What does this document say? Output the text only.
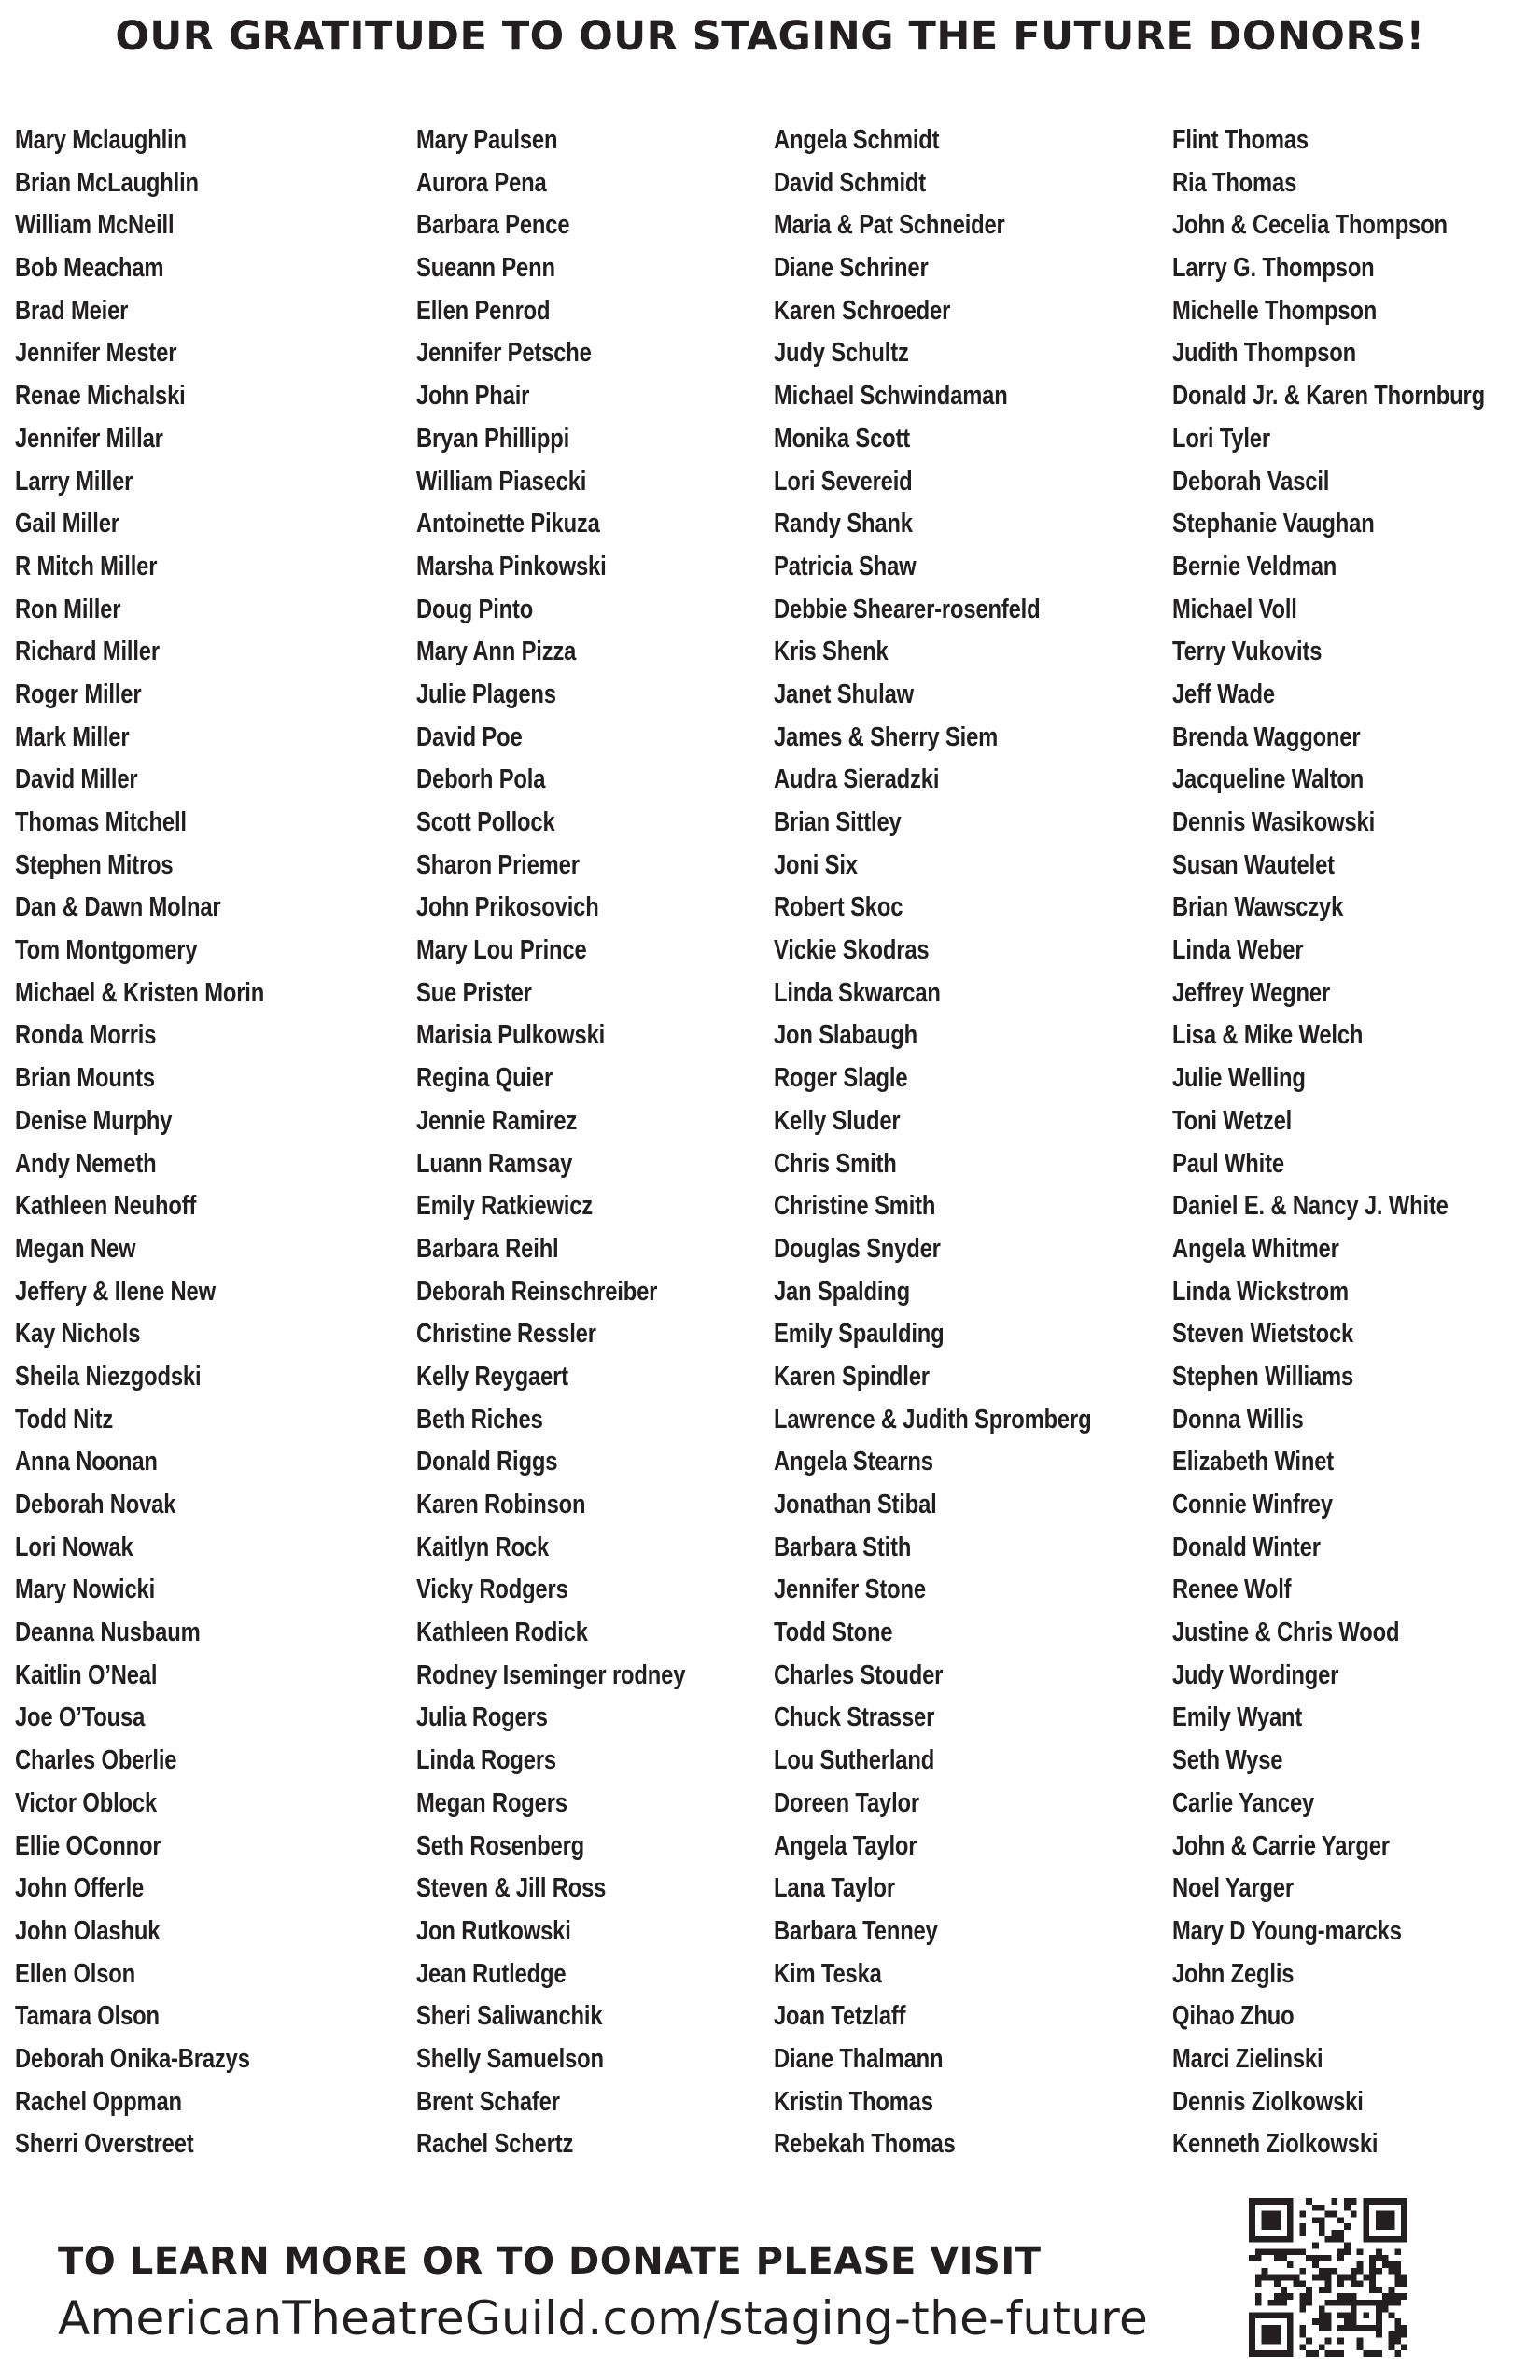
OUR GRATITUDE TO OUR STAGING THE FUTURE DONORS!
Mary Mclaughlin
Brian McLaughlin
William McNeill
Bob Meacham
Brad Meier
Jennifer Mester
Renae Michalski
Jennifer Millar
Larry Miller
Gail Miller
R Mitch Miller
Ron Miller
Richard Miller
Roger Miller
Mark Miller
David Miller
Thomas Mitchell
Stephen Mitros
Dan & Dawn Molnar
Tom Montgomery
Michael & Kristen Morin
Ronda Morris
Brian Mounts
Denise Murphy
Andy Nemeth
Kathleen Neuhoff
Megan New
Jeffery & Ilene New
Kay Nichols
Sheila Niezgodski
Todd Nitz
Anna Noonan
Deborah Novak
Lori Nowak
Mary Nowicki
Deanna Nusbaum
Kaitlin O’Neal
Joe O’Tousa
Charles Oberlie
Victor Oblock
Ellie OConnor
John Offerle
John Olashuk
Ellen Olson
Tamara Olson
Deborah Onika-Brazys
Rachel Oppman
Sherri Overstreet
Mary Paulsen
Aurora Pena
Barbara Pence
Sueann Penn
Ellen Penrod
Jennifer Petsche
John Phair
Bryan Phillippi
William Piasecki
Antoinette Pikuza
Marsha Pinkowski
Doug Pinto
Mary Ann Pizza
Julie Plagens
David Poe
Deborh Pola
Scott Pollock
Sharon Priemer
John Prikosovich
Mary Lou Prince
Sue Prister
Marisia Pulkowski
Regina Quier
Jennie Ramirez
Luann Ramsay
Emily Ratkiewicz
Barbara Reihl
Deborah Reinschreiber
Christine Ressler
Kelly Reygaert
Beth Riches
Donald Riggs
Karen Robinson
Kaitlyn Rock
Vicky Rodgers
Kathleen Rodick
Rodney Iseminger rodney
Julia Rogers
Linda Rogers
Megan Rogers
Seth Rosenberg
Steven & Jill Ross
Jon Rutkowski
Jean Rutledge
Sheri Saliwanchik
Shelly Samuelson
Brent Schafer
Rachel Schertz
Angela Schmidt
David Schmidt
Maria & Pat Schneider
Diane Schriner
Karen Schroeder
Judy Schultz
Michael Schwindaman
Monika Scott
Lori Severeid
Randy Shank
Patricia Shaw
Debbie Shearer-rosenfeld
Kris Shenk
Janet Shulaw
James & Sherry Siem
Audra Sieradzki
Brian Sittley
Joni Six
Robert Skoc
Vickie Skodras
Linda Skwarcan
Jon Slabaugh
Roger Slagle
Kelly Sluder
Chris Smith
Christine Smith
Douglas Snyder
Jan Spalding
Emily Spaulding
Karen Spindler
Lawrence & Judith Spromberg
Angela Stearns
Jonathan Stibal
Barbara Stith
Jennifer Stone
Todd Stone
Charles Stouder
Chuck Strasser
Lou Sutherland
Doreen Taylor
Angela Taylor
Lana Taylor
Barbara Tenney
Kim Teska
Joan Tetzlaff
Diane Thalmann
Kristin Thomas
Rebekah Thomas
Flint Thomas
Ria Thomas
John & Cecelia Thompson
Larry G. Thompson
Michelle Thompson
Judith Thompson
Donald Jr. & Karen Thornburg
Lori Tyler
Deborah Vascil
Stephanie Vaughan
Bernie Veldman
Michael Voll
Terry Vukovits
Jeff Wade
Brenda Waggoner
Jacqueline Walton
Dennis Wasikowski
Susan Wautelet
Brian Wawsczyk
Linda Weber
Jeffrey Wegner
Lisa & Mike Welch
Julie Welling
Toni Wetzel
Paul White
Daniel E. & Nancy J. White
Angela Whitmer
Linda Wickstrom
Steven Wietstock
Stephen Williams
Donna Willis
Elizabeth Winet
Connie Winfrey
Donald Winter
Renee Wolf
Justine & Chris Wood
Judy Wordinger
Emily Wyant
Seth Wyse
Carlie Yancey
John & Carrie Yarger
Noel Yarger
Mary D Young-marcks
John Zeglis
Qihao Zhuo
Marci Zielinski
Dennis Ziolkowski
Kenneth Ziolkowski
TO LEARN MORE OR TO DONATE PLEASE VISIT
AmericanTheatreGuild.com/staging-the-future
